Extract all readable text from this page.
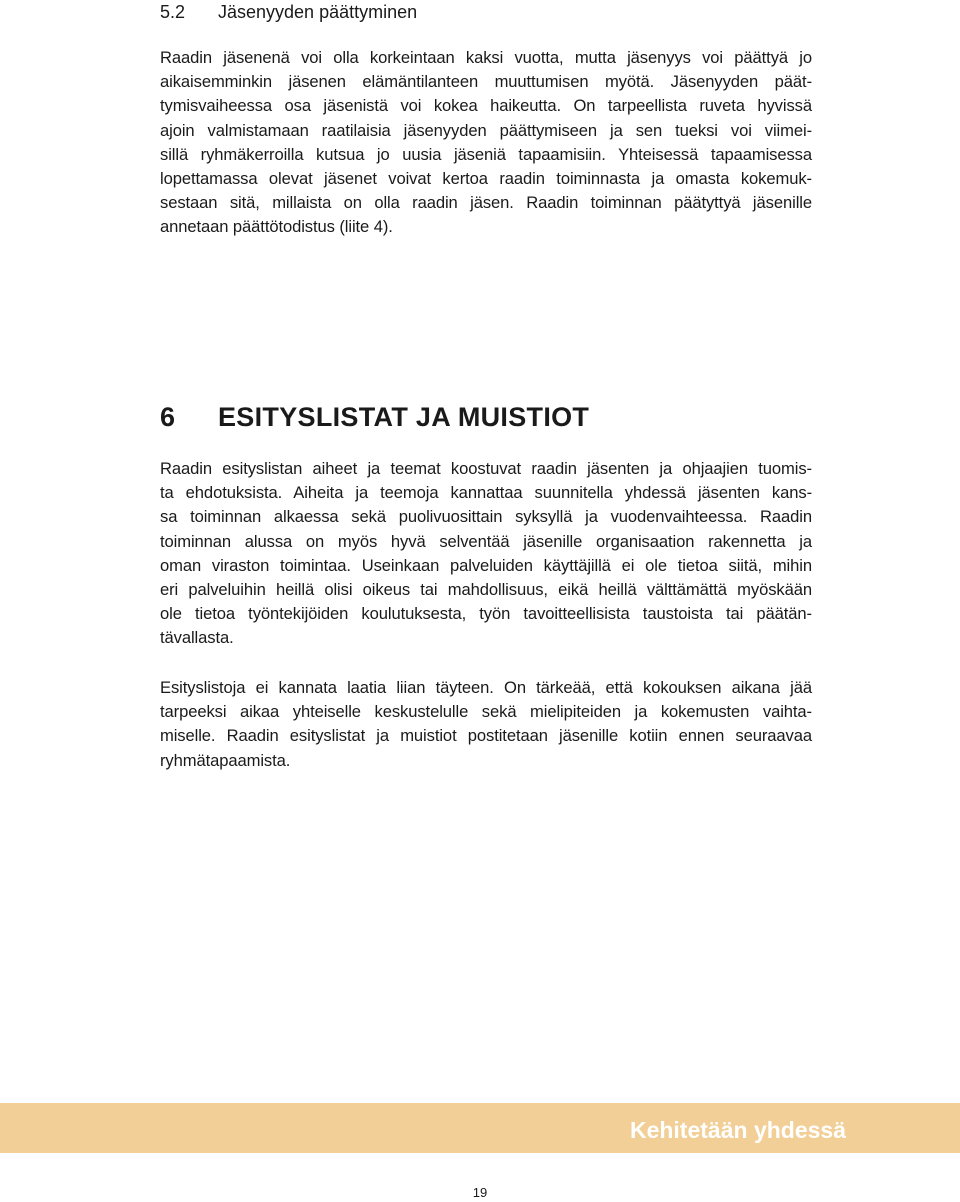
5.2 Jäsenyyden päättyminen

Raadin jäsenenä voi olla korkeintaan kaksi vuotta, mutta jäsenyys voi päättyä jo
aikaisemminkin jäsenen elämäntilanteen muuttumisen myötä. Jäsenyyden päät-
tymisvaiheessa osa jäsenistä voi kokea haikeutta. On tarpeellista ruveta hyvissä
ajoin valmistamaan raatilaisia jäsenyyden päättymiseen ja sen tueksi voi viimei-
sillä ryhmäkerroilla kutsua jo uusia jäseniä tapaamisiin. Yhteisessä tapaamisessa
lopettamassa olevat jäsenet voivat kertoa raadin toiminnasta ja omasta kokemuk-
sestaan sitä, millaista on olla raadin jäsen. Raadin toiminnan päätyttyä jäsenille
annetaan päättötodistus (liite 4).

6 ESITYSLISTAT JA MUISTIOT

Raadin esityslistan aiheet ja teemat koostuvat raadin jäsenten ja ohjaajien tuomis-
ta ehdotuksista. Aiheita ja teemoja kannattaa suunnitella yhdessä jäsenten kans-
sa toiminnan alkaessa sekä puolivuosittain syksyllä ja vuodenvaihteessa. Raadin
toiminnan alussa on myös hyvä selventää jäsenille organisaation rakennetta ja
oman viraston toimintaa. Useinkaan palveluiden käyttäjillä ei ole tietoa siitä, mihin
eri palveluihin heillä olisi oikeus tai mahdollisuus, eikä heillä välttämättä myöskään
ole tietoa työntekijöiden koulutuksesta, työn tavoitteellisista taustoista tai päätän-
tävallasta.

Esityslistoja ei kannata laatia liian täyteen. On tärkeää, että kokouksen aikana jää
tarpeeksi aikaa yhteiselle keskustelulle sekä mielipiteiden ja kokemusten vaihta-
miselle. Raadin esityslistat ja muistiot postitetaan jäsenille kotiin ennen seuraavaa
ryhmätapaamista.

Kehitetään yhdessä
19
